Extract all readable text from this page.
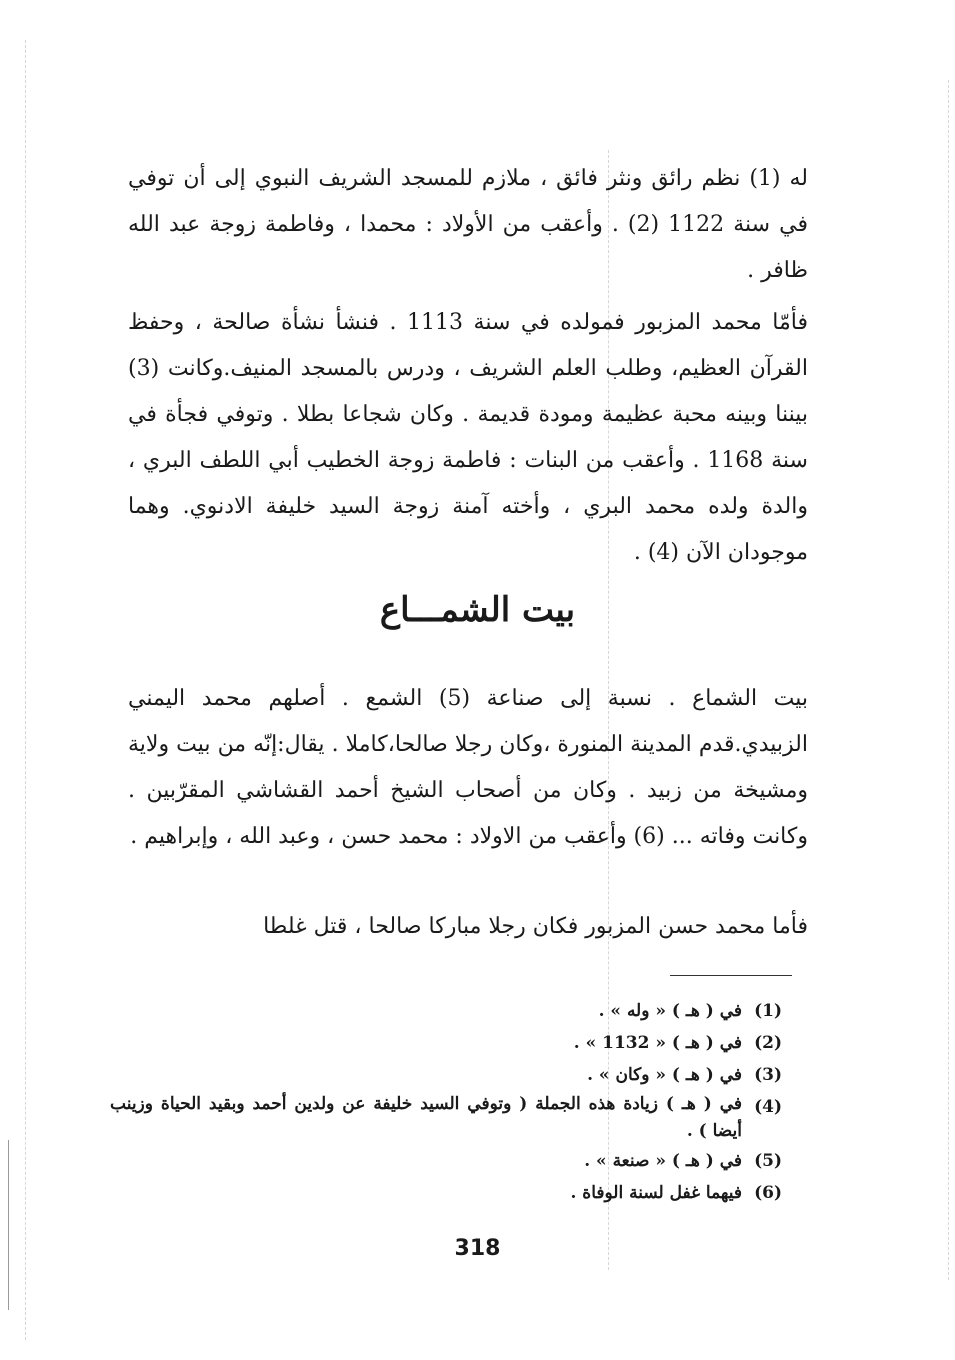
له (1) نظم رائق ونثر فائق ، ملازم للمسجد الشريف النبوي إلى أن توفي في سنة 1122 (2) . وأعقب من الأولاد : محمدا ، وفاطمة زوجة عبد الله ظافر .

فأمّا محمد المزبور فمولده في سنة 1113 . فنشأ نشأة صالحة ، وحفظ القرآن العظيم، وطلب العلم الشريف ، ودرس بالمسجد المنيف.وكانت (3) بيننا وبينه محبة عظيمة ومودة قديمة . وكان شجاعا بطلا . وتوفي فجأة في سنة 1168 . وأعقب من البنات : فاطمة زوجة الخطيب أبي اللطف البري ، والدة ولده محمد البري ، وأخته آمنة زوجة السيد خليفة الادنوي. وهما موجودان الآن (4) .

بيت الشمـــاع

بيت الشماع . نسبة إلى صناعة (5) الشمع . أصلهم محمد اليمني الزبيدي.قدم المدينة المنورة ،وكان رجلا صالحا،كاملا . يقال:إنّه من بيت ولاية ومشيخة من زبيد . وكان من أصحاب الشيخ أحمد القشاشي المقرّبين . وكانت وفاته ... (6) وأعقب من الاولاد : محمد حسن ، وعبد الله ، وإبراهيم .

فأما محمد حسن المزبور فكان رجلا مباركا صالحا ، قتل غلطا

(1)
في ( هـ ) « وله » .
(2)
في ( هـ ) « 1132 » .
(3)
في ( هـ ) « وكان » .
(4)
في ( هـ ) زيادة هذه الجملة ( وتوفي السيد خليفة عن ولدين أحمد وبقيد الحياة وزينب أيضا ) .
(5)
في ( هـ ) « صنعة » .
(6)
فيهما غفل لسنة الوفاة .
318
